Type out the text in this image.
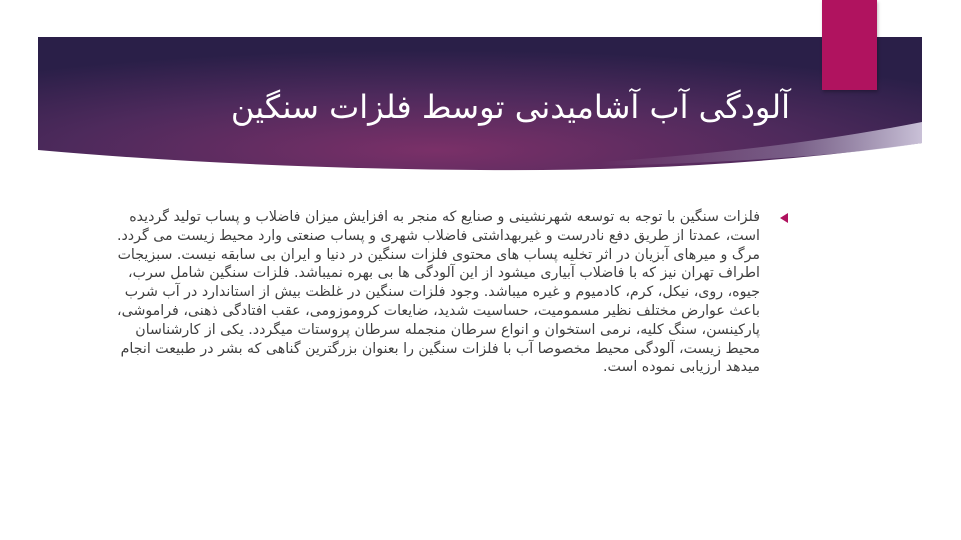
آلودگی آب آشامیدنی توسط فلزات سنگین

فلزات سنگین با توجه به توسعه شهرنشینی و صنایع که منجر به افزایش میزان فاضلاب و پساب تولید گردیده است، عمدتا از طریق دفع نادرست و غیربهداشتی فاضلاب شهری و پساب صنعتی وارد محیط زیست می گردد. مرگ و میرهای آبزیان در اثر تخلیه پساب های محتوی فلزات سنگین در دنیا و ایران بی سابقه نیست. سبزیجات اطراف تهران نیز که با فاضلاب آبیاری میشود از این آلودگی ها بی بهره نمیباشد. فلزات سنگین شامل سرب، جیوه، روی، نیکل، کرم، کادمیوم و غیره میباشد. وجود فلزات سنگین در غلظت بیش از استاندارد در آب شرب باعث عوارض مختلف نظیر مسمومیت، حساسیت شدید، ضایعات کروموزومی، عقب افتادگی ذهنی، فراموشی، پارکینسن، سنگ کلیه، نرمی استخوان و انواع سرطان منجمله سرطان پروستات میگردد. یکی از کارشناسان محیط زیست، آلودگی محیط مخصوصا آب با فلزات سنگین را بعنوان بزرگترین گناهی که بشر در طبیعت انجام میدهد ارزیابی نموده است.
